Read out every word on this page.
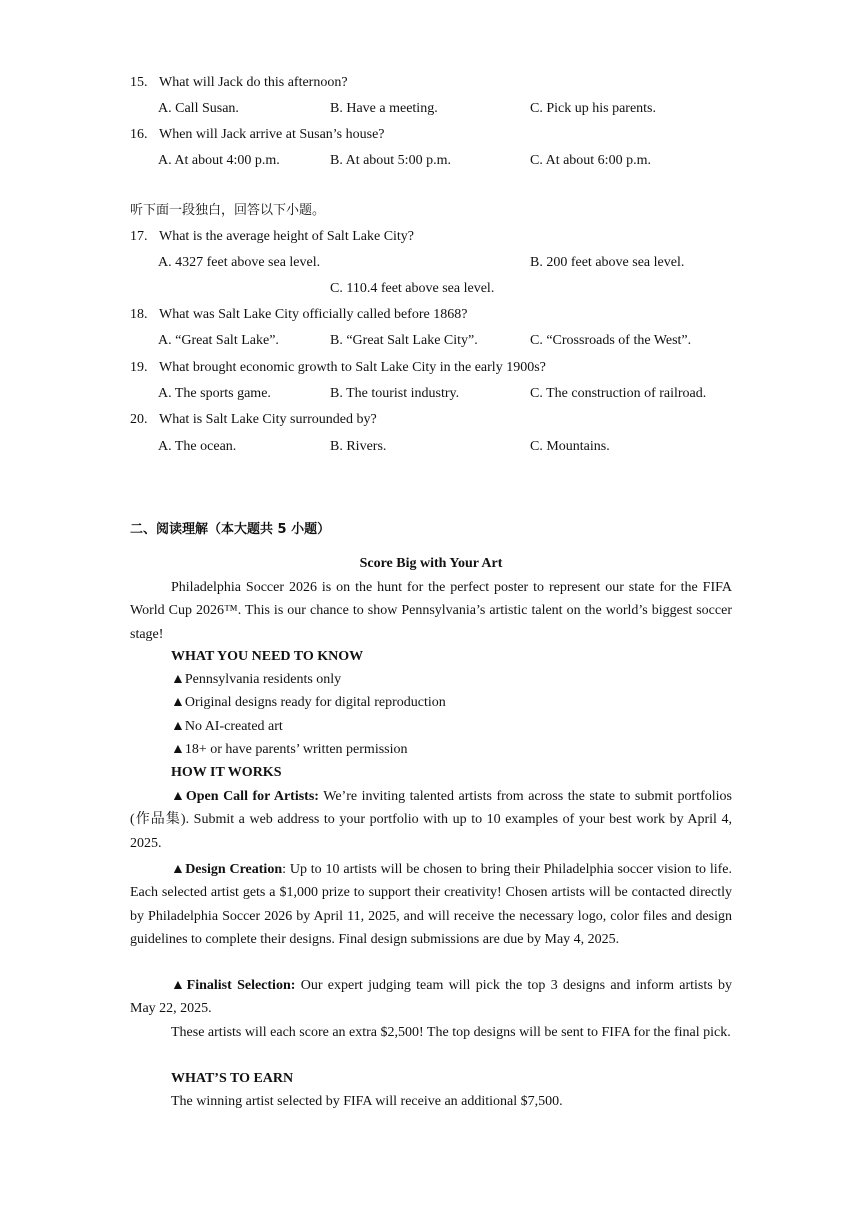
15. What will Jack do this afternoon?
A. Call Susan.	B. Have a meeting.	C. Pick up his parents.
16. When will Jack arrive at Susan’s house?
A. At about 4:00 p.m.	B. At about 5:00 p.m.	C. At about 6:00 p.m.
听下面一段独白，回答以下小题。
17. What is the average height of Salt Lake City?
A. 4327 feet above sea level.	B. 200 feet above sea level.
C. 110.4 feet above sea level.
18. What was Salt Lake City officially called before 1868?
A. “Great Salt Lake”.	B. “Great Salt Lake City”.	C. “Crossroads of the West”.
19. What brought economic growth to Salt Lake City in the early 1900s?
A. The sports game.	B. The tourist industry.	C. The construction of railroad.
20. What is Salt Lake City surrounded by?
A. The ocean.	B. Rivers.	C. Mountains.
二、阅读理解（本大题共 5 小题）
Score Big with Your Art
Philadelphia Soccer 2026 is on the hunt for the perfect poster to represent our state for the FIFA World Cup 2026™. This is our chance to show Pennsylvania’s artistic talent on the world’s biggest soccer stage!
WHAT YOU NEED TO KNOW
▲Pennsylvania residents only
▲Original designs ready for digital reproduction
▲No AI-created art
▲18+ or have parents’ written permission
HOW IT WORKS
▲Open Call for Artists: We’re inviting talented artists from across the state to submit portfolios (作品集). Submit a web address to your portfolio with up to 10 examples of your best work by April 4, 2025.
▲Design Creation: Up to 10 artists will be chosen to bring their Philadelphia soccer vision to life. Each selected artist gets a $1,000 prize to support their creativity! Chosen artists will be contacted directly by Philadelphia Soccer 2026 by April 11, 2025, and will receive the necessary logo, color files and design guidelines to complete their designs. Final design submissions are due by May 4, 2025.
▲Finalist Selection: Our expert judging team will pick the top 3 designs and inform artists by May 22, 2025.
These artists will each score an extra $2,500! The top designs will be sent to FIFA for the final pick.
WHAT’S TO EARN
The winning artist selected by FIFA will receive an additional $7,500.
